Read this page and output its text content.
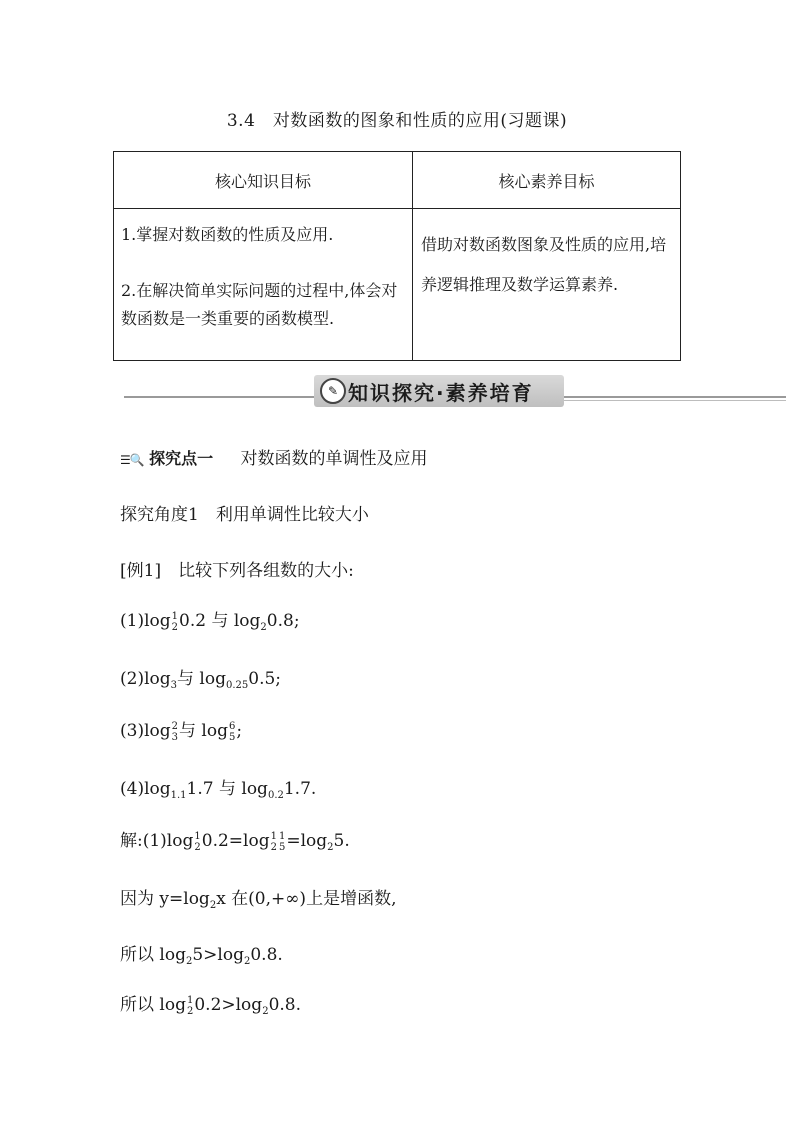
3.4　对数函数的图象和性质的应用(习题课)
核心知识目标	核心素养目标

1.掌握对数函数的性质及应用.

2.在解决简单实际问题的过程中,体会对数函数是一类重要的函数模型.	借助对数函数图象及性质的应用,培养逻辑推理及数学运算素养.
✎ 知识探究·素养培育
☰🔍 探究点一 对数函数的单调性及应用
探究角度1　利用单调性比较大小
[例1]　比较下列各组数的大小:
(1)log 1
2 0.2 与 $\log_20.8$;
$(2)\log_3$与 $\log_{0.25}0.5$;
(3)log 2
3 与 log 6
5 ;
$(4)\log_{1.1}1.7$ 与 $\log_{0.2}1.7$.
解:(1)log 1
2 0.2=log 1
2
1
$5 =\log_25$.
因为 $y=\log_2x$ 在(0,+∞)上是增函数,
所以 $\log_25>\log_20.8$.
所以 log 1
2 $0.2>\log_20.8$.
